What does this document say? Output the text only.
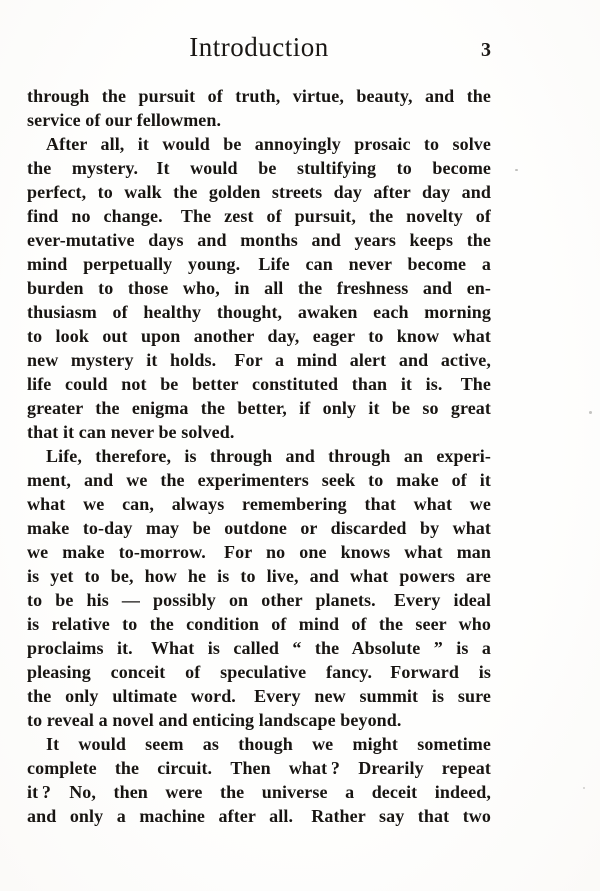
Introduction	3
through the pursuit of truth, virtue, beauty, and the
service of our fellowmen.
After all, it would be annoyingly prosaic to solve
the mystery.  It would be stultifying to become
perfect, to walk the golden streets day after day and
find no change.  The zest of pursuit, the novelty of
ever-mutative days and months and years keeps the
mind perpetually young.  Life can never become a
burden to those who, in all the freshness and en-
thusiasm of healthy thought, awaken each morning
to look out upon another day, eager to know what
new mystery it holds.  For a mind alert and active,
life could not be better constituted than it is.  The
greater the enigma the better, if only it be so great
that it can never be solved.
Life, therefore, is through and through an experi-
ment, and we the experimenters seek to make of it
what we can, always remembering that what we
make to-day may be outdone or discarded by what
we make to-morrow.  For no one knows what man
is yet to be, how he is to live, and what powers are
to be his — possibly on other planets.  Every ideal
is relative to the condition of mind of the seer who
proclaims it.  What is called “ the Absolute ” is a
pleasing conceit of speculative fancy.  Forward is
the only ultimate word.  Every new summit is sure
to reveal a novel and enticing landscape beyond.
It would seem as though we might sometime
complete the circuit.  Then what ?  Drearily repeat
it ?  No, then were the universe a deceit indeed,
and only a machine after all.  Rather say that two
